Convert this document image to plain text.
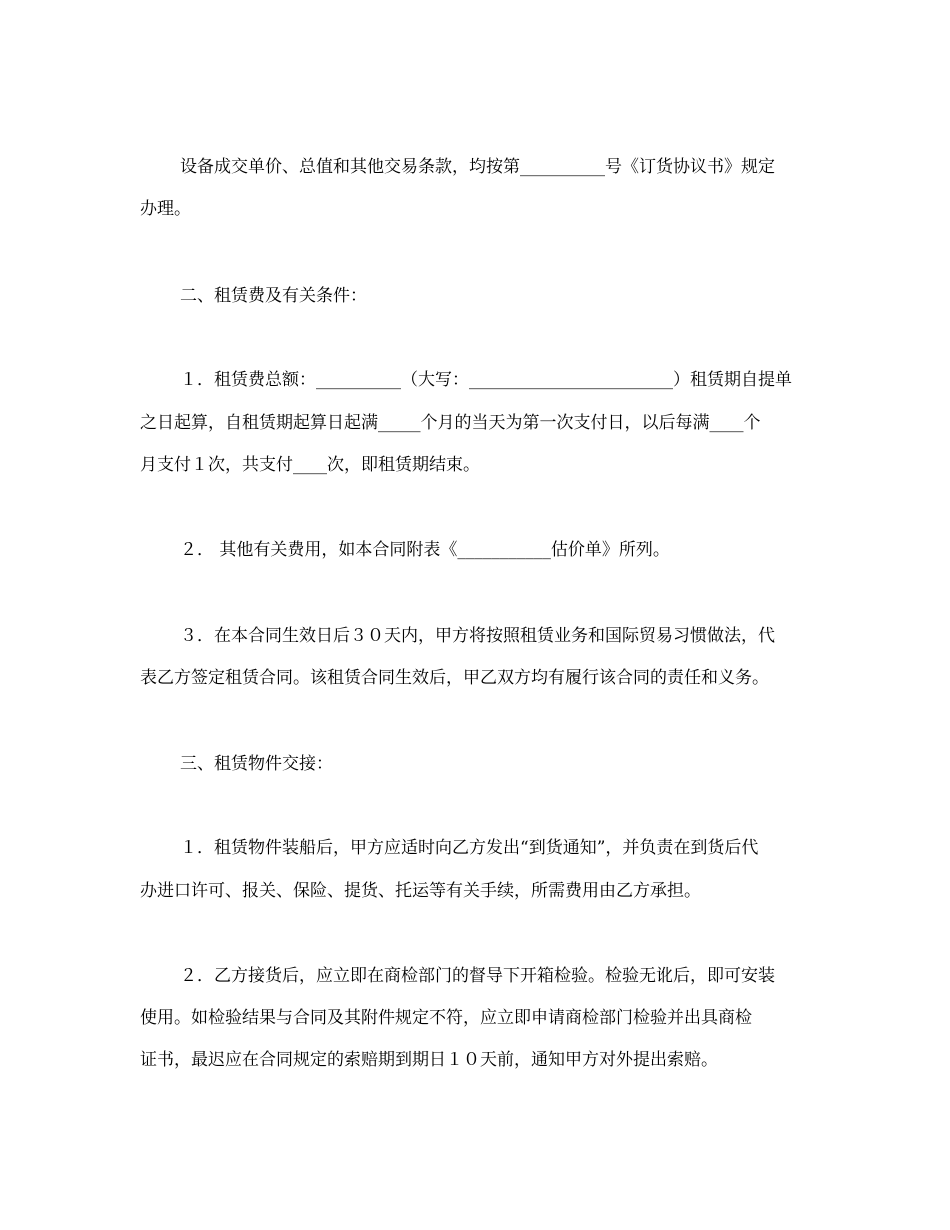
设备成交单价、总值和其他交易条款，均按第__________号《订货协议书》规定
办理。
二、租赁费及有关条件：
１．租赁费总额：__________（大写：________________________）租赁期自提单
之日起算，自租赁期起算日起满_____个月的当天为第一次支付日，以后每满____个
月支付１次，共支付____次，即租赁期结束。
２． 其他有关费用，如本合同附表《___________估价单》所列。
３．在本合同生效日后３０天内，甲方将按照租赁业务和国际贸易习惯做法，代
表乙方签定租赁合同。该租赁合同生效后，甲乙双方均有履行该合同的责任和义务。
三、租赁物件交接：
１．租赁物件装船后，甲方应适时向乙方发出“到货通知”，并负责在到货后代
办进口许可、报关、保险、提货、托运等有关手续，所需费用由乙方承担。
２．乙方接货后，应立即在商检部门的督导下开箱检验。检验无讹后，即可安装
使用。如检验结果与合同及其附件规定不符，应立即申请商检部门检验并出具商检
证书，最迟应在合同规定的索赔期到期日１０天前，通知甲方对外提出索赔。
